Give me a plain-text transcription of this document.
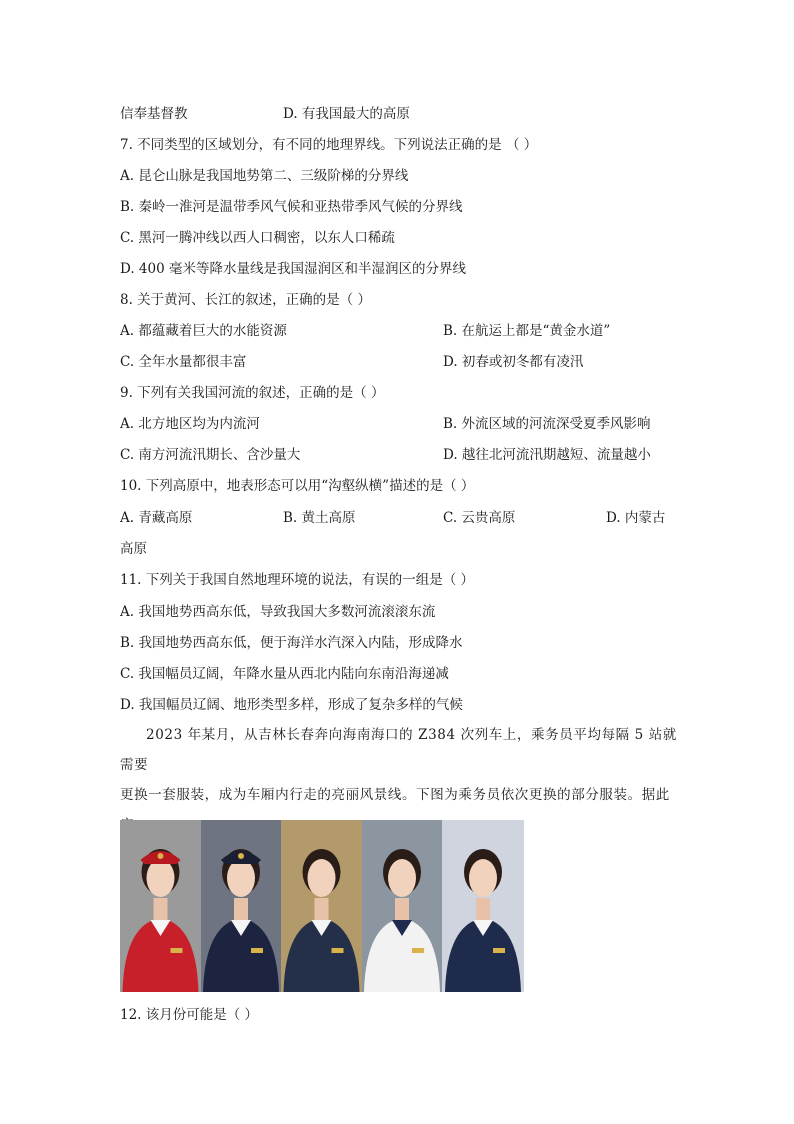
信奉基督教	D. 有我国最大的高原
7. 不同类型的区域划分，有不同的地理界线。下列说法正确的是 （ ）
A. 昆仑山脉是我国地势第二、三级阶梯的分界线
B. 秦岭一淮河是温带季风气候和亚热带季风气候的分界线
C. 黑河一腾冲线以西人口稠密，以东人口稀疏
D. 400 毫米等降水量线是我国湿润区和半湿润区的分界线
8. 关于黄河、长江的叙述，正确的是（ ）
A. 都蕴藏着巨大的水能资源	B. 在航运上都是“黄金水道”
C. 全年水量都很丰富	D. 初春或初冬都有凌汛
9. 下列有关我国河流的叙述，正确的是（ ）
A. 北方地区均为内流河	B. 外流区域的河流深受夏季风影响
C. 南方河流汛期长、含沙量大	D. 越往北河流汛期越短、流量越小
10. 下列高原中，地表形态可以用“沟壑纵横”描述的是（ ）
A. 青藏高原	B. 黄土高原	C. 云贵高原	D. 内蒙古
高原
11. 下列关于我国自然地理环境的说法，有误的一组是（ ）
A. 我国地势西高东低，导致我国大多数河流滚滚东流
B. 我国地势西高东低，便于海洋水汽深入内陆，形成降水
C. 我国幅员辽阔，年降水量从西北内陆向东南沿海递减
D. 我国幅员辽阔、地形类型多样，形成了复杂多样的气候

2023 年某月，从吉林长春奔向海南海口的 Z384 次列车上，乘务员平均每隔 5 站就需要

更换一套服装，成为车厢内行走的亮丽风景线。下图为乘务员依次更换的部分服装。据此

12. 该月份可能是（ ）
